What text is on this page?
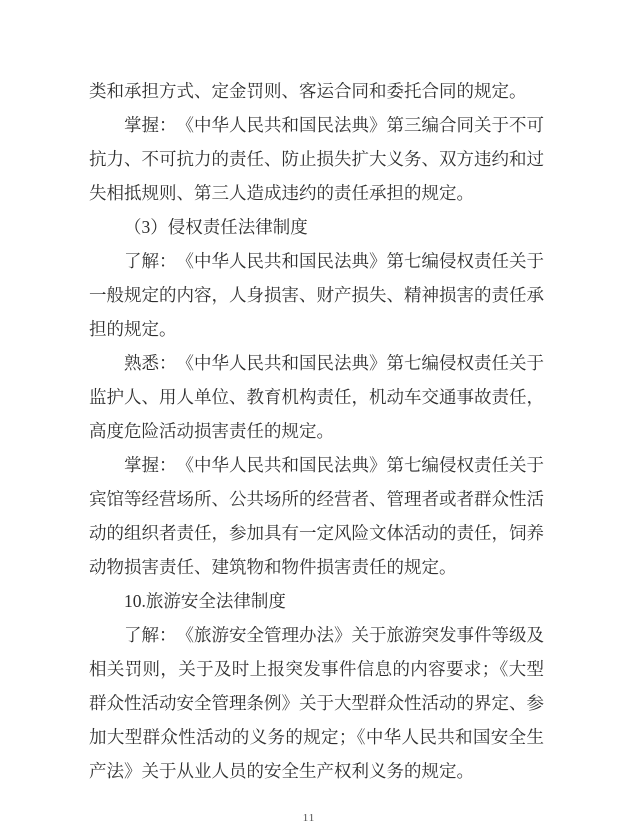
类和承担方式、定金罚则、客运合同和委托合同的规定。

掌握：　《中华人民共和国民法典》第三编合同关于不可抗力、不可抗力的责任、防止损失扩大义务、双方违约和过失相抵规则、第三人造成违约的责任承担的规定。

（3）侵权责任法律制度

了解：　《中华人民共和国民法典》第七编侵权责任关于一般规定的内容，人身损害、财产损失、精神损害的责任承担的规定。

熟悉：　《中华人民共和国民法典》第七编侵权责任关于监护人、用人单位、教育机构责任，机动车交通事故责任，高度危险活动损害责任的规定。

掌握：　《中华人民共和国民法典》第七编侵权责任关于宾馆等经营场所、公共场所的经营者、管理者或者群众性活动的组织者责任，参加具有一定风险文体活动的责任，饲养动物损害责任、建筑物和物件损害责任的规定。

10.旅游安全法律制度

了解：　《旅游安全管理办法》关于旅游突发事件等级及相关罚则，关于及时上报突发事件信息的内容要求；《大型群众性活动安全管理条例》关于大型群众性活动的界定、参加大型群众性活动的义务的规定；《中华人民共和国安全生产法》关于从业人员的安全生产权利义务的规定。

11
